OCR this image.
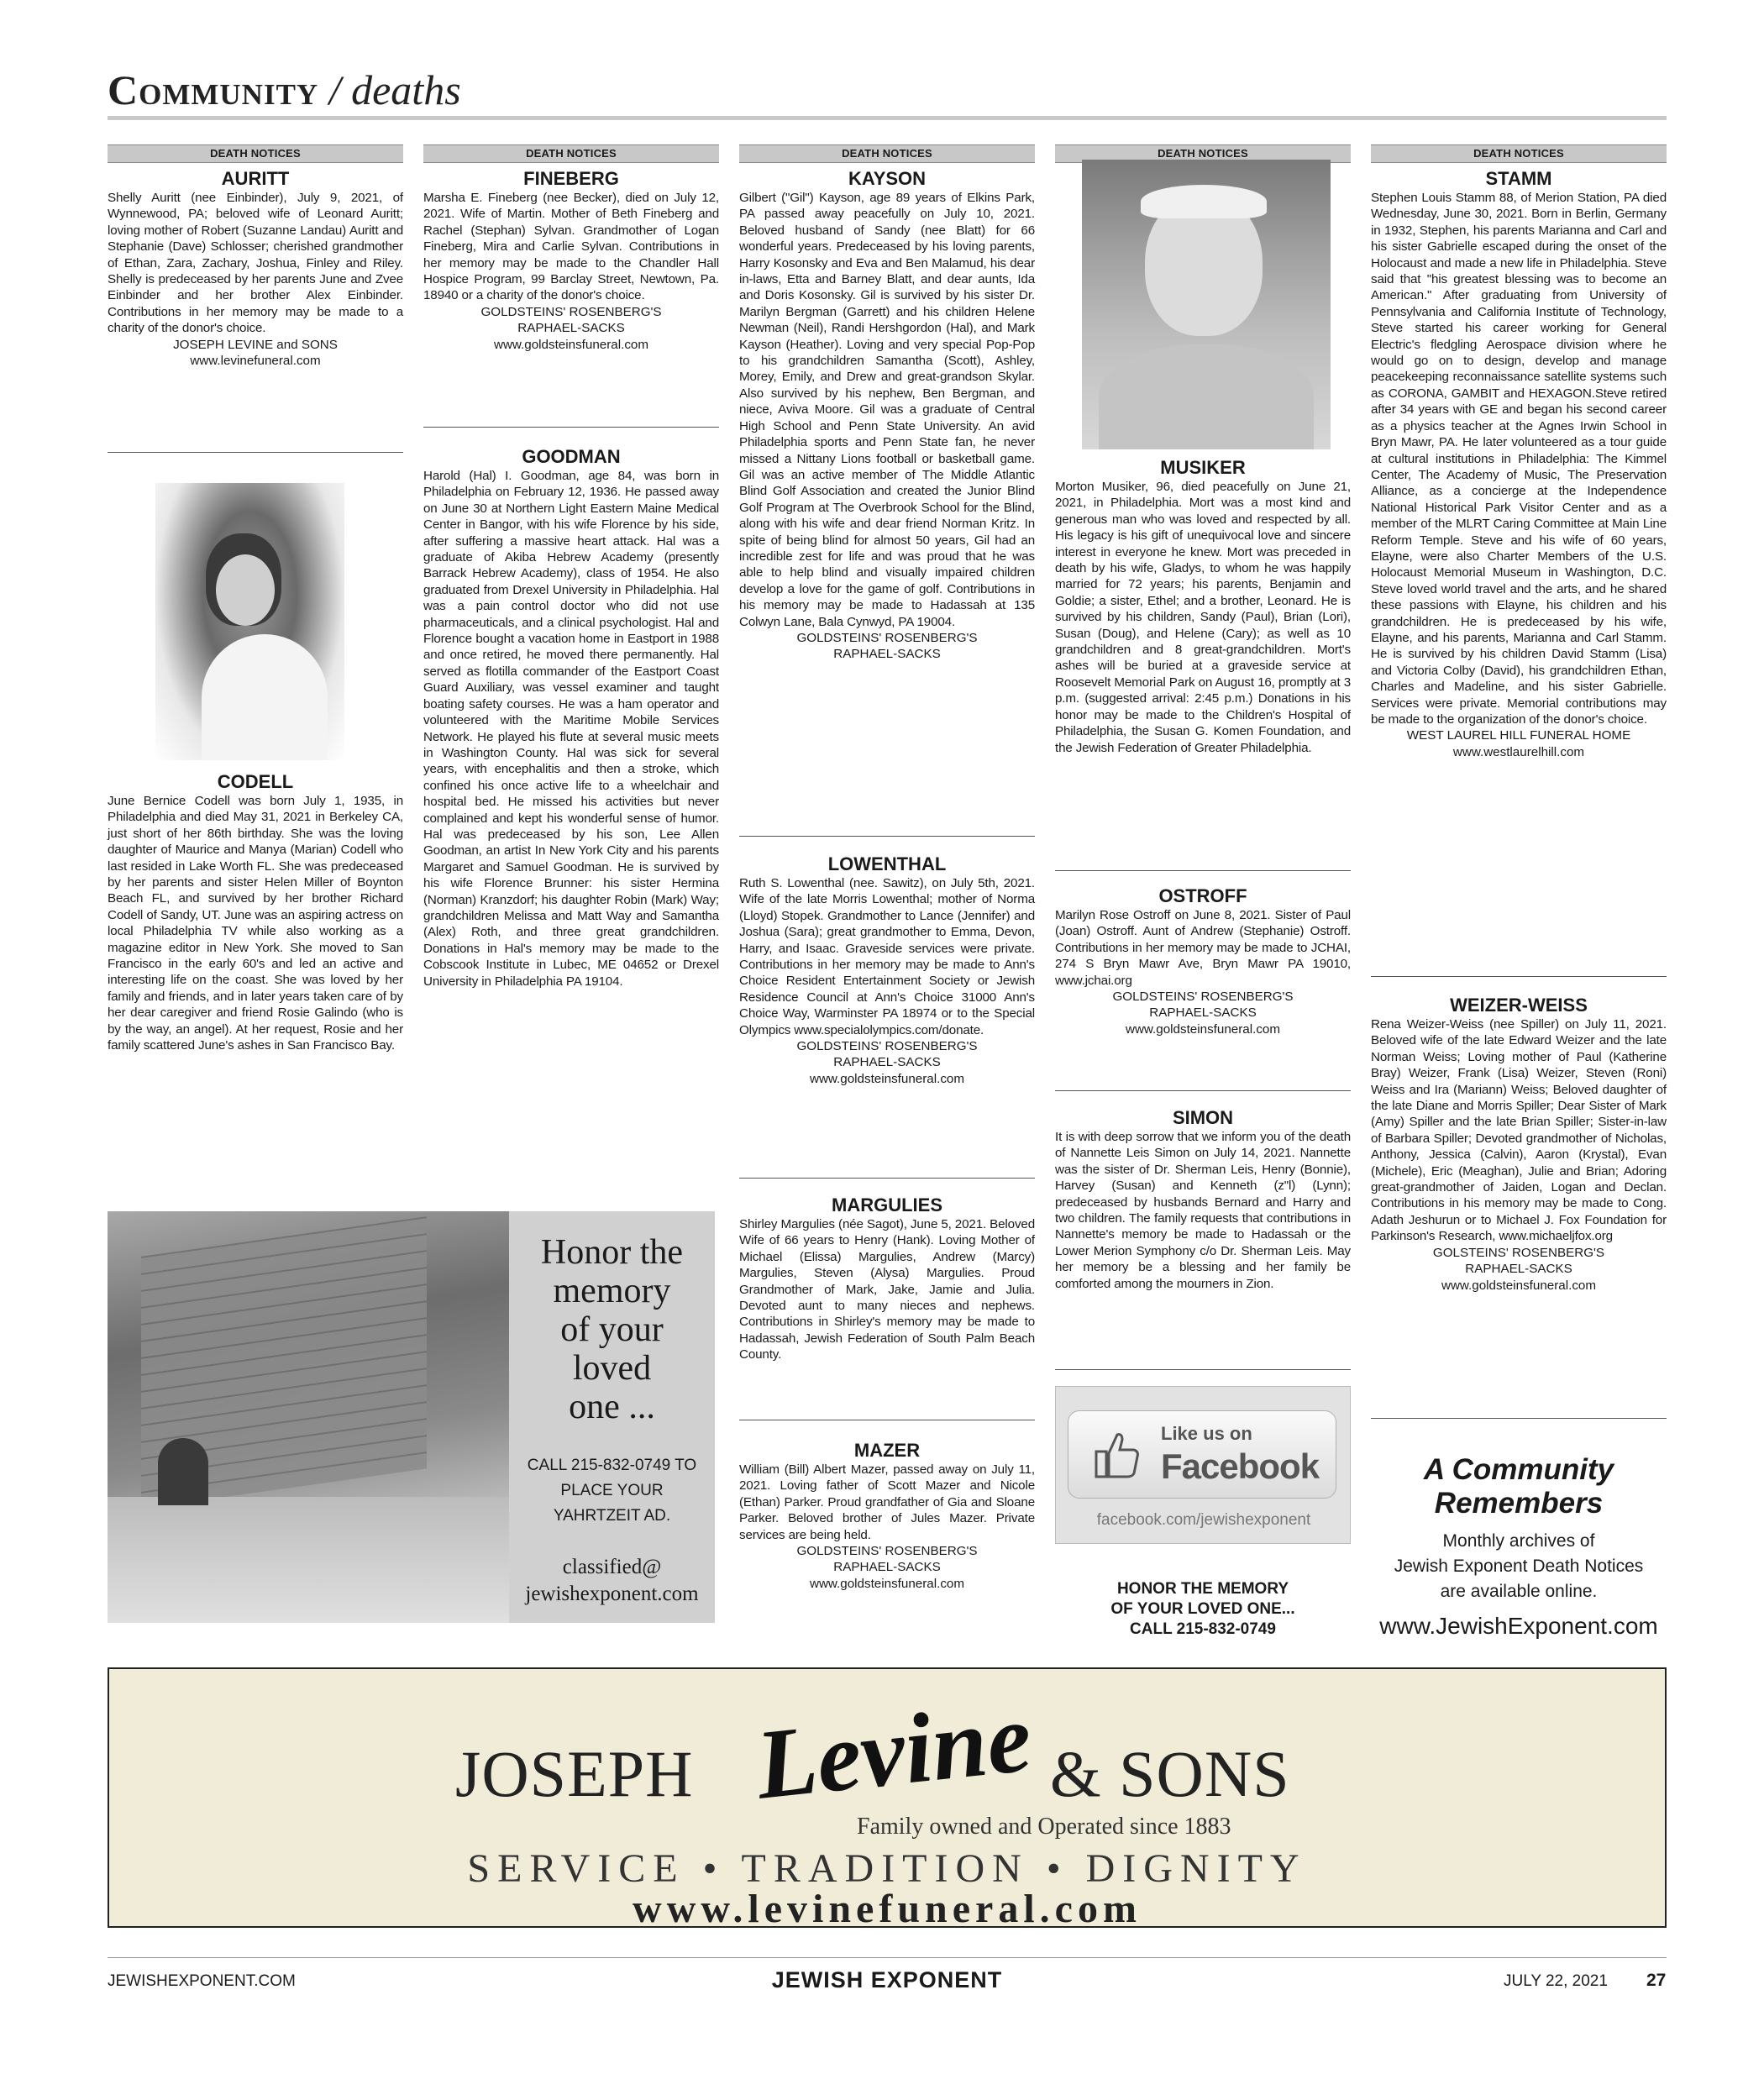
Community / deaths
DEATH NOTICES
AURITT
Shelly Auritt (nee Einbinder), July 9, 2021, of Wynnewood, PA; beloved wife of Leonard Auritt; loving mother of Robert (Suzanne Landau) Auritt and Stephanie (Dave) Schlosser; cherished grandmother of Ethan, Zara, Zachary, Joshua, Finley and Riley. Shelly is predeceased by her parents June and Zvee Einbinder and her brother Alex Einbinder. Contributions in her memory may be made to a charity of the donor's choice.
JOSEPH LEVINE and SONS
www.levinefuneral.com
CODELL
June Bernice Codell was born July 1, 1935, in Philadelphia and died May 31, 2021 in Berkeley CA, just short of her 86th birthday. She was the loving daughter of Maurice and Manya (Marian) Codell who last resided in Lake Worth FL. She was predeceased by her parents and sister Helen Miller of Boynton Beach FL, and survived by her brother Richard Codell of Sandy, UT. June was an aspiring actress on local Philadelphia TV while also working as a magazine editor in New York. She moved to San Francisco in the early 60's and led an active and interesting life on the coast. She was loved by her family and friends, and in later years taken care of by her dear caregiver and friend Rosie Galindo (who is by the way, an angel). At her request, Rosie and her family scattered June's ashes in San Francisco Bay.
DEATH NOTICES
FINEBERG
Marsha E. Fineberg (nee Becker), died on July 12, 2021. Wife of Martin. Mother of Beth Fineberg and Rachel (Stephan) Sylvan. Grandmother of Logan Fineberg, Mira and Carlie Sylvan. Contributions in her memory may be made to the Chandler Hall Hospice Program, 99 Barclay Street, Newtown, Pa. 18940 or a charity of the donor's choice.
GOLDSTEINS' ROSENBERG'S
RAPHAEL-SACKS
www.goldsteinsfuneral.com
GOODMAN
Harold (Hal) I. Goodman, age 84, was born in Philadelphia on February 12, 1936. He passed away on June 30 at Northern Light Eastern Maine Medical Center in Bangor, with his wife Florence by his side, after suffering a massive heart attack. Hal was a graduate of Akiba Hebrew Academy (presently Barrack Hebrew Academy), class of 1954. He also graduated from Drexel University in Philadelphia. Hal was a pain control doctor who did not use pharmaceuticals, and a clinical psychologist. Hal and Florence bought a vacation home in Eastport in 1988 and once retired, he moved there permanently. Hal served as flotilla commander of the Eastport Coast Guard Auxiliary, was vessel examiner and taught boating safety courses. He was a ham operator and volunteered with the Maritime Mobile Services Network. He played his flute at several music meets in Washington County. Hal was sick for several years, with encephalitis and then a stroke, which confined his once active life to a wheelchair and hospital bed. He missed his activities but never complained and kept his wonderful sense of humor. Hal was predeceased by his son, Lee Allen Goodman, an artist In New York City and his parents Margaret and Samuel Goodman. He is survived by his wife Florence Brunner: his sister Hermina (Norman) Kranzdorf; his daughter Robin (Mark) Way; grandchildren Melissa and Matt Way and Samantha (Alex) Roth, and three great grandchildren. Donations in Hal's memory may be made to the Cobscook Institute in Lubec, ME 04652 or Drexel University in Philadelphia PA 19104.
DEATH NOTICES
KAYSON
Gilbert ("Gil") Kayson, age 89 years of Elkins Park, PA passed away peacefully on July 10, 2021. Beloved husband of Sandy (nee Blatt) for 66 wonderful years. Predeceased by his loving parents, Harry Kosonsky and Eva and Ben Malamud, his dear in-laws, Etta and Barney Blatt, and dear aunts, Ida and Doris Kosonsky. Gil is survived by his sister Dr. Marilyn Bergman (Garrett) and his children Helene Newman (Neil), Randi Hershgordon (Hal), and Mark Kayson (Heather). Loving and very special Pop-Pop to his grandchildren Samantha (Scott), Ashley, Morey, Emily, and Drew and great-grandson Skylar. Also survived by his nephew, Ben Bergman, and niece, Aviva Moore. Gil was a graduate of Central High School and Penn State University. An avid Philadelphia sports and Penn State fan, he never missed a Nittany Lions football or basketball game. Gil was an active member of The Middle Atlantic Blind Golf Association and created the Junior Blind Golf Program at The Overbrook School for the Blind, along with his wife and dear friend Norman Kritz. In spite of being blind for almost 50 years, Gil had an incredible zest for life and was proud that he was able to help blind and visually impaired children develop a love for the game of golf. Contributions in his memory may be made to Hadassah at 135 Colwyn Lane, Bala Cynwyd, PA 19004.
GOLDSTEINS' ROSENBERG'S
RAPHAEL-SACKS
LOWENTHAL
Ruth S. Lowenthal (nee. Sawitz), on July 5th, 2021. Wife of the late Morris Lowenthal; mother of Norma (Lloyd) Stopek. Grandmother to Lance (Jennifer) and Joshua (Sara); great grandmother to Emma, Devon, Harry, and Isaac. Graveside services were private. Contributions in her memory may be made to Ann's Choice Resident Entertainment Society or Jewish Residence Council at Ann's Choice 31000 Ann's Choice Way, Warminster PA 18974 or to the Special Olympics www.specialolympics.com/donate.
GOLDSTEINS' ROSENBERG'S
RAPHAEL-SACKS
www.goldsteinsfuneral.com
MARGULIES
Shirley Margulies (née Sagot), June 5, 2021. Beloved Wife of 66 years to Henry (Hank). Loving Mother of Michael (Elissa) Margulies, Andrew (Marcy) Margulies, Steven (Alysa) Margulies. Proud Grandmother of Mark, Jake, Jamie and Julia. Devoted aunt to many nieces and nephews. Contributions in Shirley's memory may be made to Hadassah, Jewish Federation of South Palm Beach County.
MAZER
William (Bill) Albert Mazer, passed away on July 11, 2021. Loving father of Scott Mazer and Nicole (Ethan) Parker. Proud grandfather of Gia and Sloane Parker. Beloved brother of Jules Mazer. Private services are being held.
GOLDSTEINS' ROSENBERG'S
RAPHAEL-SACKS
www.goldsteinsfuneral.com
DEATH NOTICES
MUSIKER
Morton Musiker, 96, died peacefully on June 21, 2021, in Philadelphia. Mort was a most kind and generous man who was loved and respected by all. His legacy is his gift of unequivocal love and sincere interest in everyone he knew. Mort was preceded in death by his wife, Gladys, to whom he was happily married for 72 years; his parents, Benjamin and Goldie; a sister, Ethel; and a brother, Leonard. He is survived by his children, Sandy (Paul), Brian (Lori), Susan (Doug), and Helene (Cary); as well as 10 grandchildren and 8 great-grandchildren. Mort's ashes will be buried at a graveside service at Roosevelt Memorial Park on August 16, promptly at 3 p.m. (suggested arrival: 2:45 p.m.) Donations in his honor may be made to the Children's Hospital of Philadelphia, the Susan G. Komen Foundation, and the Jewish Federation of Greater Philadelphia.
OSTROFF
Marilyn Rose Ostroff on June 8, 2021. Sister of Paul (Joan) Ostroff. Aunt of Andrew (Stephanie) Ostroff. Contributions in her memory may be made to JCHAI, 274 S Bryn Mawr Ave, Bryn Mawr PA 19010, www.jchai.org
GOLDSTEINS' ROSENBERG'S
RAPHAEL-SACKS
www.goldsteinsfuneral.com
SIMON
It is with deep sorrow that we inform you of the death of Nannette Leis Simon on July 14, 2021. Nannette was the sister of Dr. Sherman Leis, Henry (Bonnie), Harvey (Susan) and Kenneth (z"l) (Lynn); predeceased by husbands Bernard and Harry and two children. The family requests that contributions in Nannette's memory be made to Hadassah or the Lower Merion Symphony c/o Dr. Sherman Leis. May her memory be a blessing and her family be comforted among the mourners in Zion.
Like us on
Facebook
facebook.com/jewishexponent
HONOR THE MEMORY
OF YOUR LOVED ONE...
CALL 215-832-0749
DEATH NOTICES
STAMM
Stephen Louis Stamm 88, of Merion Station, PA died Wednesday, June 30, 2021. Born in Berlin, Germany in 1932, Stephen, his parents Marianna and Carl and his sister Gabrielle escaped during the onset of the Holocaust and made a new life in Philadelphia. Steve said that "his greatest blessing was to become an American." After graduating from University of Pennsylvania and California Institute of Technology, Steve started his career working for General Electric's fledgling Aerospace division where he would go on to design, develop and manage peacekeeping reconnaissance satellite systems such as CORONA, GAMBIT and HEXAGON.Steve retired after 34 years with GE and began his second career as a physics teacher at the Agnes Irwin School in Bryn Mawr, PA. He later volunteered as a tour guide at cultural institutions in Philadelphia: The Kimmel Center, The Academy of Music, The Preservation Alliance, as a concierge at the Independence National Historical Park Visitor Center and as a member of the MLRT Caring Committee at Main Line Reform Temple. Steve and his wife of 60 years, Elayne, were also Charter Members of the U.S. Holocaust Memorial Museum in Washington, D.C. Steve loved world travel and the arts, and he shared these passions with Elayne, his children and his grandchildren. He is predeceased by his wife, Elayne, and his parents, Marianna and Carl Stamm. He is survived by his children David Stamm (Lisa) and Victoria Colby (David), his grandchildren Ethan, Charles and Madeline, and his sister Gabrielle. Services were private. Memorial contributions may be made to the organization of the donor's choice.
WEST LAUREL HILL FUNERAL HOME
www.westlaurelhill.com
WEIZER-WEISS
Rena Weizer-Weiss (nee Spiller) on July 11, 2021. Beloved wife of the late Edward Weizer and the late Norman Weiss; Loving mother of Paul (Katherine Bray) Weizer, Frank (Lisa) Weizer, Steven (Roni) Weiss and Ira (Mariann) Weiss; Beloved daughter of the late Diane and Morris Spiller; Dear Sister of Mark (Amy) Spiller and the late Brian Spiller; Sister-in-law of Barbara Spiller; Devoted grandmother of Nicholas, Anthony, Jessica (Calvin), Aaron (Krystal), Evan (Michele), Eric (Meaghan), Julie and Brian; Adoring great-grandmother of Jaiden, Logan and Declan. Contributions in his memory may be made to Cong. Adath Jeshurun or to Michael J. Fox Foundation for Parkinson's Research, www.michaeljfox.org
GOLSTEINS' ROSENBERG'S
RAPHAEL-SACKS
www.goldsteinsfuneral.com
A Community
Remembers
Monthly archives of
Jewish Exponent Death Notices
are available online.
www.JewishExponent.com
Honor the
memory
of your
loved
one ...
CALL 215-832-0749 TO PLACE YOUR YAHRTZEIT AD.
classified@
jewishexponent.com
JOSEPH Levine & SONS
Family owned and Operated since 1883
SERVICE • TRADITION • DIGNITY
www.levinefuneral.com
JEWISHEXPONENT.COM	JEWISH EXPONENT	JULY 22, 2021 27
